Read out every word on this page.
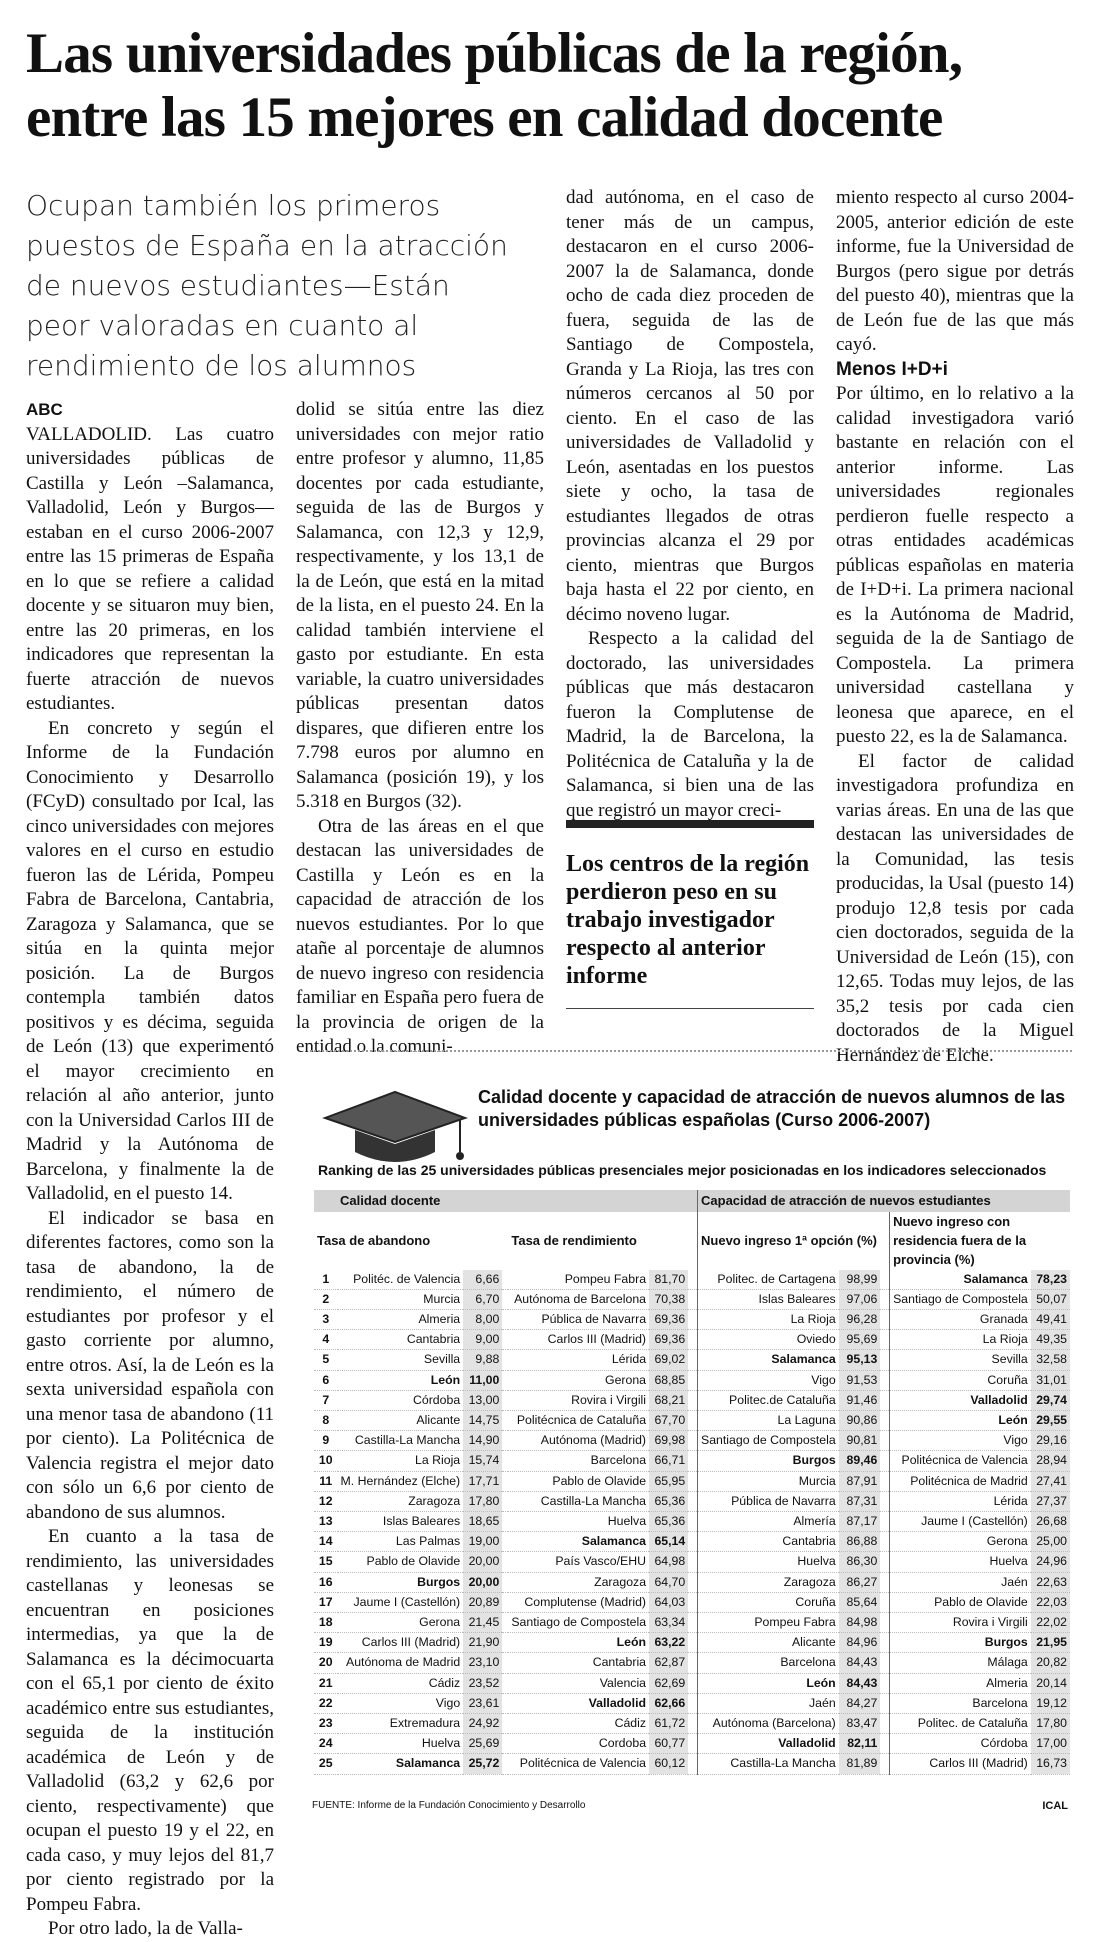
Las universidades públicas de la región, entre las 15 mejores en calidad docente

Ocupan también los primeros puestos de España en la atracción de nuevos estudiantes—Están peor valoradas en cuanto al rendimiento de los alumnos

ABC

VALLADOLID. Las cuatro universidades públicas de Castilla y León –Salamanca, Valladolid, León y Burgos— estaban en el curso 2006-2007 entre las 15 primeras de España en lo que se refiere a calidad docente y se situaron muy bien, entre las 20 primeras, en los indicadores que representan la fuerte atracción de nuevos estudiantes.

En concreto y según el Informe de la Fundación Conocimiento y Desarrollo (FCyD) consultado por Ical, las cinco universidades con mejores valores en el curso en estudio fueron las de Lérida, Pompeu Fabra de Barcelona, Cantabria, Zaragoza y Salamanca, que se sitúa en la quinta mejor posición. La de Burgos contempla también datos positivos y es décima, seguida de León (13) que experimentó el mayor crecimiento en relación al año anterior, junto con la Universidad Carlos III de Madrid y la Autónoma de Barcelona, y finalmente la de Valladolid, en el puesto 14.

El indicador se basa en diferentes factores, como son la tasa de abandono, la de rendimiento, el número de estudiantes por profesor y el gasto corriente por alumno, entre otros. Así, la de León es la sexta universidad española con una menor tasa de abandono (11 por ciento). La Politécnica de Valencia registra el mejor dato con sólo un 6,6 por ciento de abandono de sus alumnos.

En cuanto a la tasa de rendimiento, las universidades castellanas y leonesas se encuentran en posiciones intermedias, ya que la de Salamanca es la décimocuarta con el 65,1 por ciento de éxito académico entre sus estudiantes, seguida de la institución académica de León y de Valladolid (63,2 y 62,6 por ciento, respectivamente) que ocupan el puesto 19 y el 22, en cada caso, y muy lejos del 81,7 por ciento registrado por la Pompeu Fabra.

Por otro lado, la de Valla-

dolid se sitúa entre las diez universidades con mejor ratio entre profesor y alumno, 11,85 docentes por cada estudiante, seguida de las de Burgos y Salamanca, con 12,3 y 12,9, respectivamente, y los 13,1 de la de León, que está en la mitad de la lista, en el puesto 24. En la calidad también interviene el gasto por estudiante. En esta variable, la cuatro universidades públicas presentan datos dispares, que difieren entre los 7.798 euros por alumno en Salamanca (posición 19), y los 5.318 en Burgos (32).

Otra de las áreas en el que destacan las universidades de Castilla y León es en la capacidad de atracción de los nuevos estudiantes. Por lo que atañe al porcentaje de alumnos de nuevo ingreso con residencia familiar en España pero fuera de la provincia de origen de la entidad o la comuni-

dad autónoma, en el caso de tener más de un campus, destacaron en el curso 2006-2007 la de Salamanca, donde ocho de cada diez proceden de fuera, seguida de las de Santiago de Compostela, Granda y La Rioja, las tres con números cercanos al 50 por ciento. En el caso de las universidades de Valladolid y León, asentadas en los puestos siete y ocho, la tasa de estudiantes llegados de otras provincias alcanza el 29 por ciento, mientras que Burgos baja hasta el 22 por ciento, en décimo noveno lugar.

Respecto a la calidad del doctorado, las universidades públicas que más destacaron fueron la Complutense de Madrid, la de Barcelona, la Politécnica de Cataluña y la de Salamanca, si bien una de las que registró un mayor creci-

Los centros de la región perdieron peso en su trabajo investigador respecto al anterior informe

miento respecto al curso 2004-2005, anterior edición de este informe, fue la Universidad de Burgos (pero sigue por detrás del puesto 40), mientras que la de León fue de las que más cayó.

Menos I+D+i

Por último, en lo relativo a la calidad investigadora varió bastante en relación con el anterior informe. Las universidades regionales perdieron fuelle respecto a otras entidades académicas públicas españolas en materia de I+D+i. La primera nacional es la Autónoma de Madrid, seguida de la de Santiago de Compostela. La primera universidad castellana y leonesa que aparece, en el puesto 22, es la de Salamanca.

El factor de calidad investigadora profundiza en varias áreas. En una de las que destacan las universidades de la Comunidad, las tesis producidas, la Usal (puesto 14) produjo 12,8 tesis por cada cien doctorados, seguida de la Universidad de León (15), con 12,65. Todas muy lejos, de las 35,2 tesis por cada cien doctorados de la Miguel Hernández de Elche.

Calidad docente y capacidad de atracción de nuevos alumnos de las universidades públicas españolas (Curso 2006-2007)

Ranking de las 25 universidades públicas presenciales mejor posicionadas en los indicadores seleccionados

Calidad docente							Capacidad de atracción de nuevos estudiantes				
Tasa de abandono				Tasa de rendimiento			Nuevo ingreso 1ª opción (%)			Nuevo ingreso con residencia fuera de la provincia (%)	
1	Politéc. de Valencia	6,66		Pompeu Fabra	81,70		Politec. de Cartagena	98,99		Salamanca	78,23
2	Murcia	6,70		Autónoma de Barcelona	70,38		Islas Baleares	97,06		Santiago de Compostela	50,07
3	Almeria	8,00		Pública de Navarra	69,36		La Rioja	96,28		Granada	49,41
4	Cantabria	9,00		Carlos III (Madrid)	69,36		Oviedo	95,69		La Rioja	49,35
5	Sevilla	9,88		Lérida	69,02		Salamanca	95,13		Sevilla	32,58
6	León	11,00		Gerona	68,85		Vigo	91,53		Coruña	31,01
7	Córdoba	13,00		Rovira i Virgili	68,21		Politec.de Cataluña	91,46		Valladolid	29,74
8	Alicante	14,75		Politécnica de Cataluña	67,70		La Laguna	90,86		León	29,55
9	Castilla-La Mancha	14,90		Autónoma (Madrid)	69,98		Santiago de Compostela	90,81		Vigo	29,16
10	La Rioja	15,74		Barcelona	66,71		Burgos	89,46		Politécnica de Valencia	28,94
11	M. Hernández (Elche)	17,71		Pablo de Olavide	65,95		Murcia	87,91		Politécnica de Madrid	27,41
12	Zaragoza	17,80		Castilla-La Mancha	65,36		Pública de Navarra	87,31		Lérida	27,37
13	Islas Baleares	18,65		Huelva	65,36		Almería	87,17		Jaume I (Castellón)	26,68
14	Las Palmas	19,00		Salamanca	65,14		Cantabria	86,88		Gerona	25,00
15	Pablo de Olavide	20,00		País Vasco/EHU	64,98		Huelva	86,30		Huelva	24,96
16	Burgos	20,00		Zaragoza	64,70		Zaragoza	86,27		Jaén	22,63
17	Jaume I (Castellón)	20,89		Complutense (Madrid)	64,03		Coruña	85,64		Pablo de Olavide	22,03
18	Gerona	21,45		Santiago de Compostela	63,34		Pompeu Fabra	84,98		Rovira i Virgili	22,02
19	Carlos III (Madrid)	21,90		León	63,22		Alicante	84,96		Burgos	21,95
20	Autónoma de Madrid	23,10		Cantabria	62,87		Barcelona	84,43		Málaga	20,82
21	Cádiz	23,52		Valencia	62,69		León	84,43		Almeria	20,14
22	Vigo	23,61		Valladolid	62,66		Jaén	84,27		Barcelona	19,12
23	Extremadura	24,92		Cádiz	61,72		Autónoma (Barcelona)	83,47		Politec. de Cataluña	17,80
24	Huelva	25,69		Cordoba	60,77		Valladolid	82,11		Córdoba	17,00
25	Salamanca	25,72		Politécnica de Valencia	60,12		Castilla-La Mancha	81,89		Carlos III (Madrid)	16,73
FUENTE: Informe de la Fundación Conocimiento y Desarrollo	ICAL
